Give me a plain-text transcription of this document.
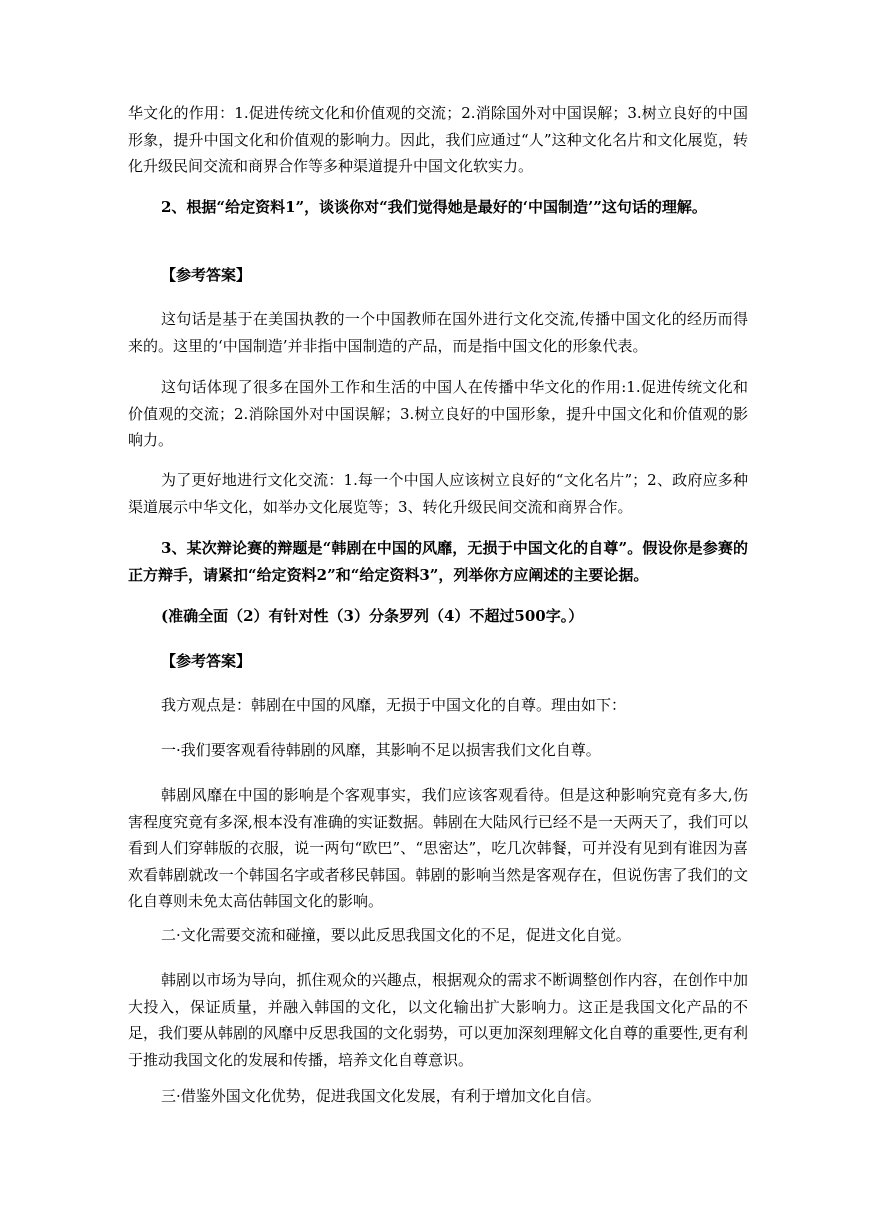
华文化的作用：1.促进传统文化和价值观的交流；2.消除国外对中国误解；3.树立良好的中国形象，提升中国文化和价值观的影响力。因此，我们应通过“人”这种文化名片和文化展览，转化升级民间交流和商界合作等多种渠道提升中国文化软实力。

2、根据“给定资料1”，谈谈你对“我们觉得她是最好的‘中国制造’”这句话的理解。

【参考答案】

这句话是基于在美国执教的一个中国教师在国外进行文化交流,传播中国文化的经历而得来的。这里的‘中国制造’并非指中国制造的产品，而是指中国文化的形象代表。

这句话体现了很多在国外工作和生活的中国人在传播中华文化的作用:1.促进传统文化和价值观的交流；2.消除国外对中国误解；3.树立良好的中国形象，提升中国文化和价值观的影响力。

为了更好地进行文化交流：1.每一个中国人应该树立良好的“文化名片”；2、政府应多种渠道展示中华文化，如举办文化展览等；3、转化升级民间交流和商界合作。

3、某次辩论赛的辩题是“韩剧在中国的风靡，无损于中国文化的自尊”。假设你是参赛的正方辩手，请紧扣“给定资料2”和“给定资料3”，列举你方应阐述的主要论据。

(准确全面（2）有针对性（3）分条罗列（4）不超过500字。）

【参考答案】

我方观点是：韩剧在中国的风靡，无损于中国文化的自尊。理由如下：

一·我们要客观看待韩剧的风靡，其影响不足以损害我们文化自尊。

韩剧风靡在中国的影响是个客观事实，我们应该客观看待。但是这种影响究竟有多大,伤害程度究竟有多深,根本没有准确的实证数据。韩剧在大陆风行已经不是一天两天了，我们可以看到人们穿韩版的衣服，说一两句“欧巴”、“思密达”，吃几次韩餐，可并没有见到有谁因为喜欢看韩剧就改一个韩国名字或者移民韩国。韩剧的影响当然是客观存在，但说伤害了我们的文化自尊则未免太高估韩国文化的影响。

二·文化需要交流和碰撞，要以此反思我国文化的不足，促进文化自觉。

韩剧以市场为导向，抓住观众的兴趣点，根据观众的需求不断调整创作内容，在创作中加大投入，保证质量，并融入韩国的文化，以文化输出扩大影响力。这正是我国文化产品的不足，我们要从韩剧的风靡中反思我国的文化弱势，可以更加深刻理解文化自尊的重要性,更有利于推动我国文化的发展和传播，培养文化自尊意识。

三·借鉴外国文化优势，促进我国文化发展，有利于增加文化自信。
